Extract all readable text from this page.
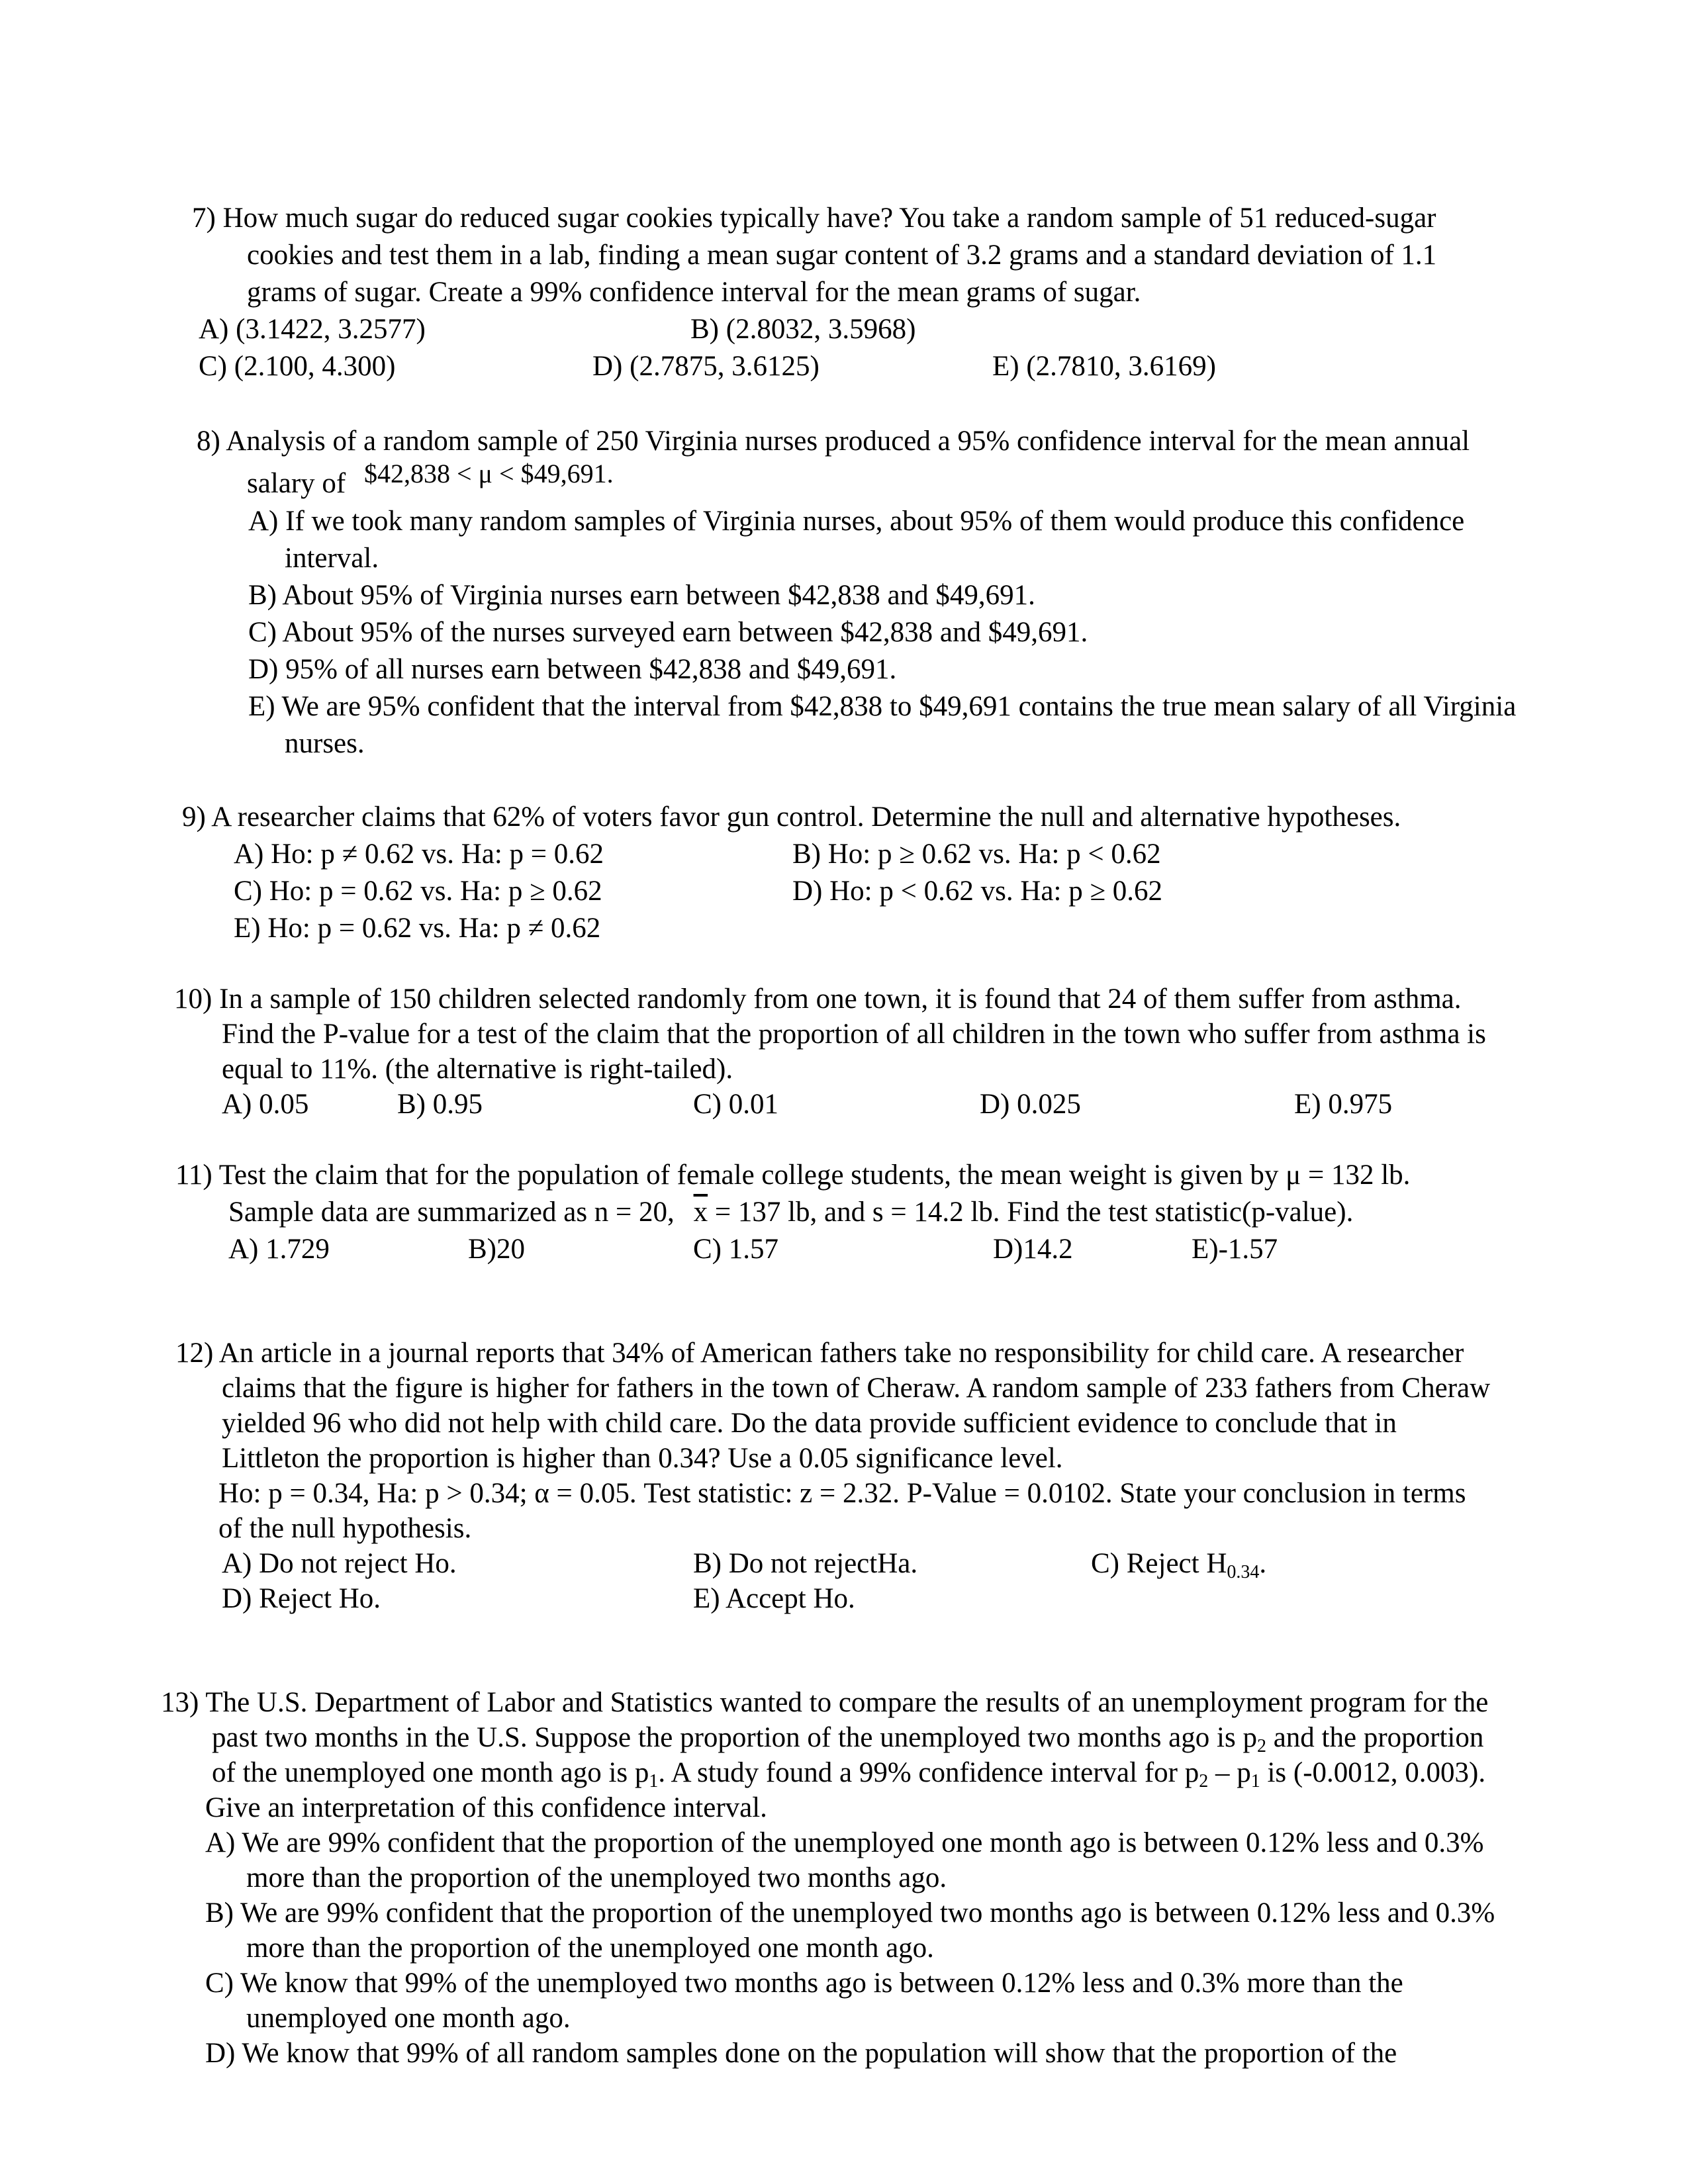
7) How much sugar do reduced sugar cookies typically have? You take a random sample of 51 reduced-sugar
cookies and test them in a lab, finding a mean sugar content of 3.2 grams and a standard deviation of 1.1
grams of sugar. Create a 99% confidence interval for the mean grams of sugar.
A) (3.1422, 3.2577)	B) (2.8032, 3.5968)
C) (2.100, 4.300)	D) (2.7875, 3.6125)	E) (2.7810, 3.6169)
8) Analysis of a random sample of 250 Virginia nurses produced a 95% confidence interval for the mean annual
salary of $42,838 < μ < $49,691.
A) If we took many random samples of Virginia nurses, about 95% of them would produce this confidence
interval.
B) About 95% of Virginia nurses earn between $42,838 and $49,691.
C) About 95% of the nurses surveyed earn between $42,838 and $49,691.
D) 95% of all nurses earn between $42,838 and $49,691.
E) We are 95% confident that the interval from $42,838 to $49,691 contains the true mean salary of all Virginia
nurses.
9) A researcher claims that 62% of voters favor gun control. Determine the null and alternative hypotheses.
A) Ho: p ≠ 0.62 vs. Ha: p = 0.62	B) Ho: p ≥ 0.62 vs. Ha: p < 0.62
C) Ho: p = 0.62 vs. Ha: p ≥ 0.62	D) Ho: p < 0.62 vs. Ha: p ≥ 0.62
E) Ho: p = 0.62 vs. Ha: p ≠ 0.62
10) In a sample of 150 children selected randomly from one town, it is found that 24 of them suffer from asthma.
Find the P-value for a test of the claim that the proportion of all children in the town who suffer from asthma is
equal to 11%. (the alternative is right-tailed).
A) 0.05	B) 0.95	C) 0.01	D) 0.025	E) 0.975
11) Test the claim that for the population of female college students, the mean weight is given by μ = 132 lb.
Sample data are summarized as n = 20, $\overline{x} = 137$ lb, and s = 14.2 lb. Find the test statistic(p-value).
A) 1.729	B)20	C) 1.57	D)14.2	E)-1.57
12) An article in a journal reports that 34% of American fathers take no responsibility for child care. A researcher
claims that the figure is higher for fathers in the town of Cheraw. A random sample of 233 fathers from Cheraw
yielded 96 who did not help with child care. Do the data provide sufficient evidence to conclude that in
Littleton the proportion is higher than 0.34? Use a 0.05 significance level.
Ho: p = 0.34, Ha: p > 0.34; α = 0.05. Test statistic: z = 2.32. P-Value = 0.0102. State your conclusion in terms
of the null hypothesis.
A) Do not reject Ho.	B) Do not rejectHa.	C) Reject $H_{0.34}$.
D) Reject Ho.	E) Accept Ho.
13) The U.S. Department of Labor and Statistics wanted to compare the results of an unemployment program for the
past two months in the U.S. Suppose the proportion of the unemployed two months ago is $p_2$ and the proportion
of the unemployed one month ago is $p_1$. A study found a 99% confidence interval for $p_2 - p_1$ is (-0.0012, 0.003).
Give an interpretation of this confidence interval.
A) We are 99% confident that the proportion of the unemployed one month ago is between 0.12% less and 0.3%
more than the proportion of the unemployed two months ago.
B) We are 99% confident that the proportion of the unemployed two months ago is between 0.12% less and 0.3%
more than the proportion of the unemployed one month ago.
C) We know that 99% of the unemployed two months ago is between 0.12% less and 0.3% more than the
unemployed one month ago.
D) We know that 99% of all random samples done on the population will show that the proportion of the
